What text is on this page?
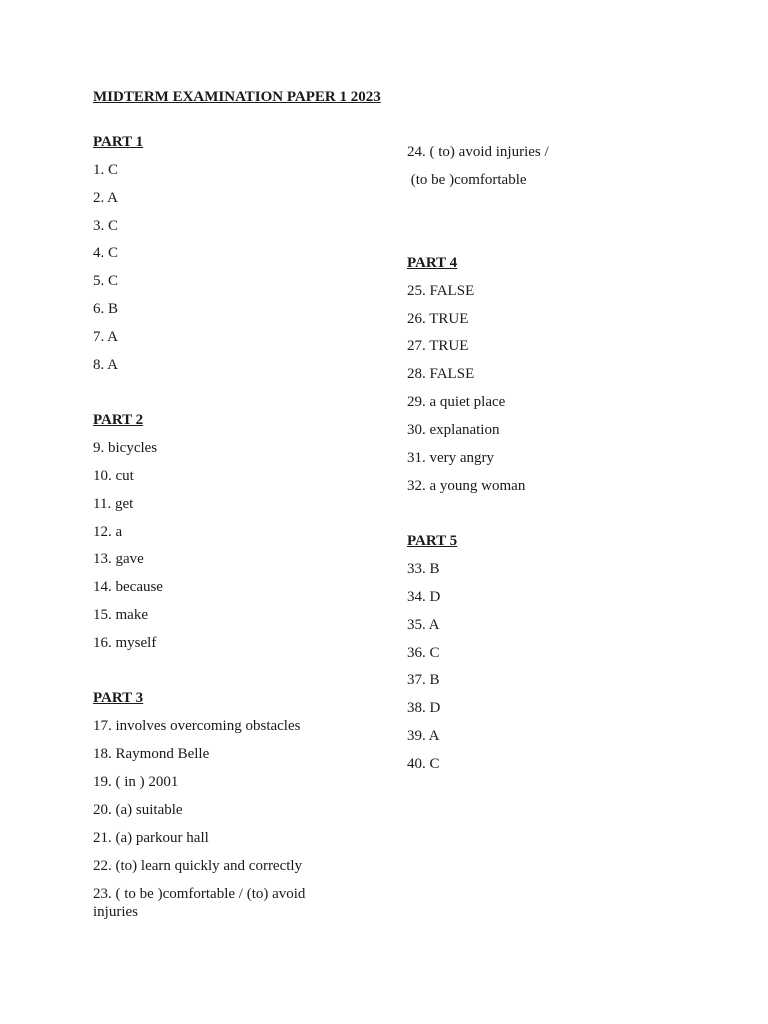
MIDTERM EXAMINATION PAPER 1 2023
PART 1
1. C
2. A
3. C
4. C
5. C
6. B
7. A
8. A
PART 2
9. bicycles
10. cut
11. get
12. a
13. gave
14. because
15. make
16. myself
PART 3
17. involves overcoming obstacles
18. Raymond Belle
19. ( in ) 2001
20. (a) suitable
21. (a) parkour hall
22. (to) learn quickly and correctly
23. ( to be )comfortable / (to) avoid injuries
24. ( to) avoid injuries /
(to be )comfortable
PART 4
25. FALSE
26. TRUE
27. TRUE
28. FALSE
29. a quiet place
30. explanation
31. very angry
32. a young woman
PART 5
33. B
34. D
35. A
36. C
37. B
38. D
39. A
40. C
